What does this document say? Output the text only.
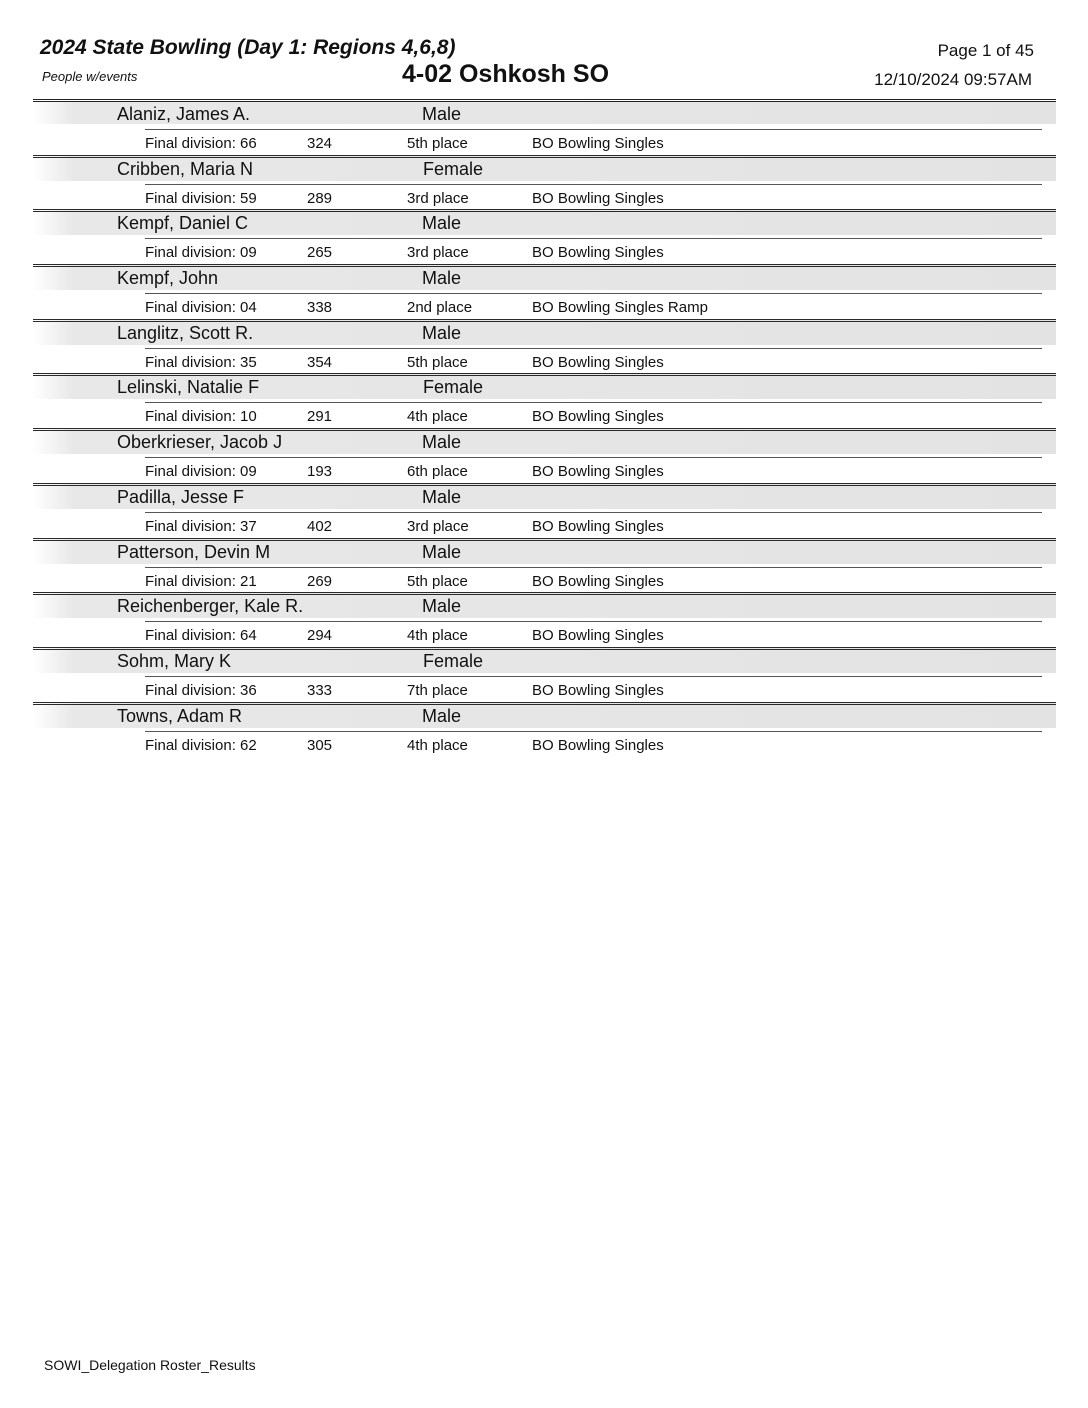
2024 State Bowling (Day 1: Regions 4,6,8)
People w/events	4-02 Oshkosh SO
Page 1 of 45
12/10/2024 09:57AM
Alaniz, James A.	Male
Final division: 66	324	5th place	BO Bowling Singles
Cribben, Maria N	Female
Final division: 59	289	3rd place	BO Bowling Singles
Kempf, Daniel C	Male
Final division: 09	265	3rd place	BO Bowling Singles
Kempf, John	Male
Final division: 04	338	2nd place	BO Bowling Singles Ramp
Langlitz, Scott R.	Male
Final division: 35	354	5th place	BO Bowling Singles
Lelinski, Natalie F	Female
Final division: 10	291	4th place	BO Bowling Singles
Oberkrieser, Jacob J	Male
Final division: 09	193	6th place	BO Bowling Singles
Padilla, Jesse F	Male
Final division: 37	402	3rd place	BO Bowling Singles
Patterson, Devin M	Male
Final division: 21	269	5th place	BO Bowling Singles
Reichenberger, Kale R.	Male
Final division: 64	294	4th place	BO Bowling Singles
Sohm, Mary K	Female
Final division: 36	333	7th place	BO Bowling Singles
Towns, Adam R	Male
Final division: 62	305	4th place	BO Bowling Singles
SOWI_Delegation Roster_Results
